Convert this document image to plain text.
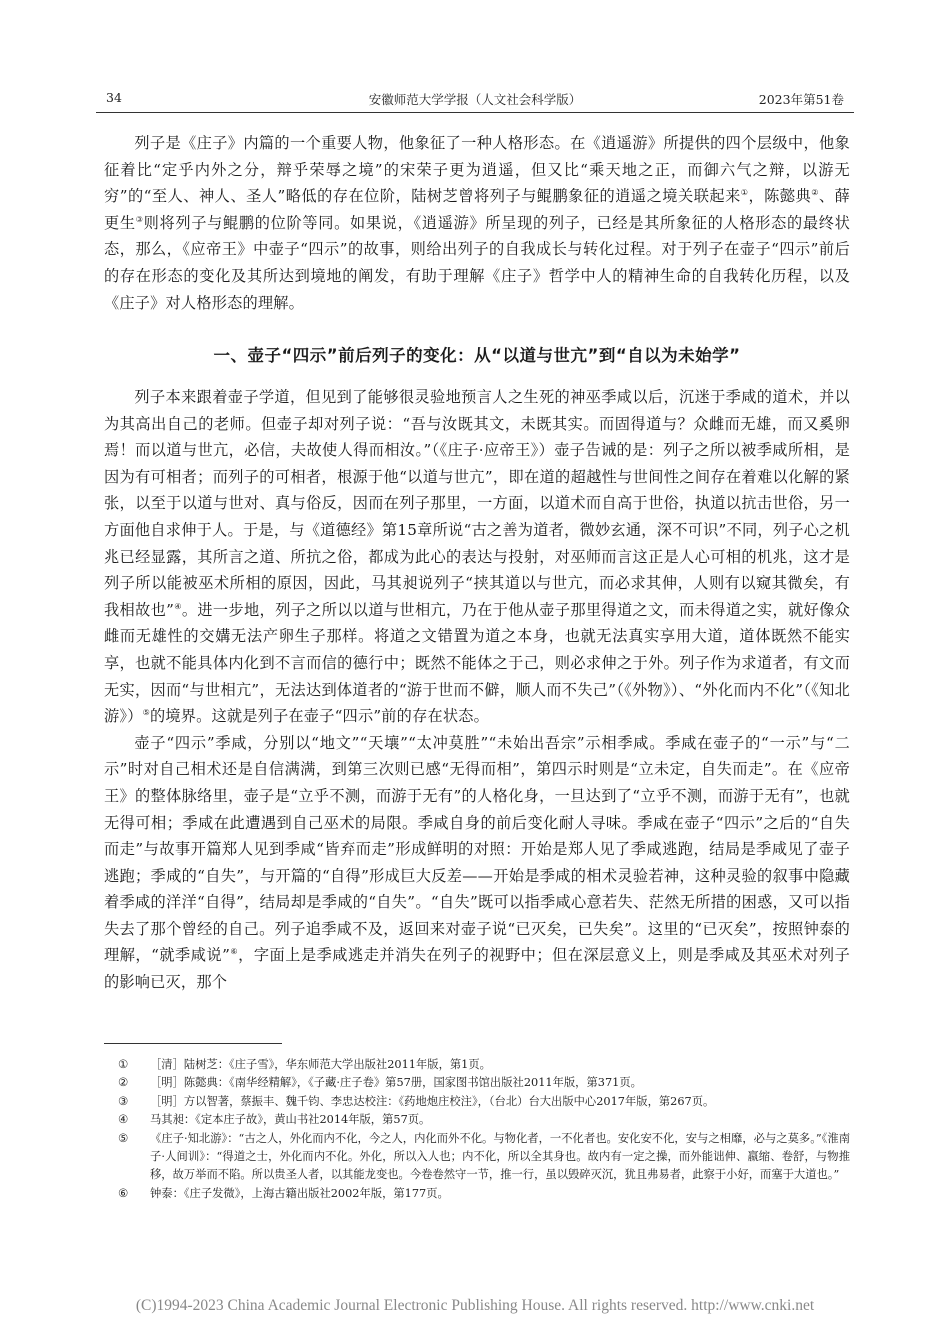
34	安徽师范大学学报（人文社会科学版）	2023年第51卷

列子是《庄子》内篇的一个重要人物，他象征了一种人格形态。在《逍遥游》所提供的四个层级中，他象征着比“定乎内外之分，辩乎荣辱之境”的宋荣子更为逍遥，但又比“乘天地之正，而御六气之辩，以游无穷”的“至人、神人、圣人”略低的存在位阶，陆树芝曾将列子与鲲鹏象征的逍遥之境关联起来①，陈懿典②、薛更生③则将列子与鲲鹏的位阶等同。如果说，《逍遥游》所呈现的列子，已经是其所象征的人格形态的最终状态，那么，《应帝王》中壶子“四示”的故事，则给出列子的自我成长与转化过程。对于列子在壶子“四示”前后的存在形态的变化及其所达到境地的阐发，有助于理解《庄子》哲学中人的精神生命的自我转化历程，以及《庄子》对人格形态的理解。

一、壶子“四示”前后列子的变化：从“以道与世亢”到“自以为未始学”

列子本来跟着壶子学道，但见到了能够很灵验地预言人之生死的神巫季咸以后，沉迷于季咸的道术，并以为其高出自己的老师。但壶子却对列子说：“吾与汝既其文，未既其实。而固得道与？众雌而无雄，而又奚卵焉！而以道与世亢，必信，夫故使人得而相汝。”（《庄子·应帝王》）壶子告诫的是：列子之所以被季咸所相，是因为有可相者；而列子的可相者，根源于他“以道与世亢”，即在道的超越性与世间性之间存在着难以化解的紧张，以至于以道与世对、真与俗反，因而在列子那里，一方面，以道术而自高于世俗，执道以抗击世俗，另一方面他自求伸于人。于是，与《道德经》第15章所说“古之善为道者，微妙玄通，深不可识”不同，列子心之机兆已经显露，其所言之道、所抗之俗，都成为此心的表达与投射，对巫师而言这正是人心可相的机兆，这才是列子所以能被巫术所相的原因，因此，马其昶说列子“挟其道以与世亢，而必求其伸，人则有以窥其微矣，有我相故也”④。进一步地，列子之所以以道与世相亢，乃在于他从壶子那里得道之文，而未得道之实，就好像众雌而无雄性的交媾无法产卵生子那样。将道之文错置为道之本身，也就无法真实享用大道，道体既然不能实享，也就不能具体内化到不言而信的德行中；既然不能体之于己，则必求伸之于外。列子作为求道者，有文而无实，因而“与世相亢”，无法达到体道者的“游于世而不僻，顺人而不失己”（《外物》）、“外化而内不化”（《知北游》）⑤的境界。这就是列子在壶子“四示”前的存在状态。

壶子“四示”季咸，分别以“地文”“天壤”“太冲莫胜”“未始出吾宗”示相季咸。季咸在壶子的“一示”与“二示”时对自己相术还是自信满满，到第三次则已感“无得而相”，第四示时则是“立未定，自失而走”。在《应帝王》的整体脉络里，壶子是“立乎不测，而游于无有”的人格化身，一旦达到了“立乎不测，而游于无有”，也就无得可相；季咸在此遭遇到自己巫术的局限。季咸自身的前后变化耐人寻味。季咸在壶子“四示”之后的“自失而走”与故事开篇郑人见到季咸“皆弃而走”形成鲜明的对照：开始是郑人见了季咸逃跑，结局是季咸见了壶子逃跑；季咸的“自失”，与开篇的“自得”形成巨大反差——开始是季咸的相术灵验若神，这种灵验的叙事中隐藏着季咸的洋洋“自得”，结局却是季咸的“自失”。“自失”既可以指季咸心意若失、茫然无所措的困惑，又可以指失去了那个曾经的自己。列子追季咸不及，返回来对壶子说“已灭矣，已失矣”。这里的“已灭矣”，按照钟泰的理解，“就季咸说”⑥，字面上是季咸逃走并消失在列子的视野中；但在深层意义上，则是季咸及其巫术对列子的影响已灭，那个

① ［清］陆树芝：《庄子雪》，华东师范大学出版社2011年版，第1页。

② ［明］陈懿典：《南华经精解》，《子藏·庄子卷》第57册，国家图书馆出版社2011年版，第371页。

③ ［明］方以智著，蔡振丰、魏千钧、李忠达校注：《药地炮庄校注》，（台北）台大出版中心2017年版，第267页。

④ 马其昶：《定本庄子故》，黄山书社2014年版，第57页。

⑤ 《庄子·知北游》：“古之人，外化而内不化，今之人，内化而外不化。与物化者，一不化者也。安化安不化，安与之相靡，必与之莫多。”《淮南子·人间训》：“得道之士，外化而内不化。外化，所以入人也；内不化，所以全其身也。故内有一定之操，而外能诎伸、嬴缩、卷舒，与物推移，故万举而不陷。所以贵圣人者，以其能龙变也。今卷卷然守一节，推一行，虽以毁碎灭沉，犹且弗易者，此察于小好，而塞于大道也。”

⑥ 钟泰：《庄子发微》，上海古籍出版社2002年版，第177页。

(C)1994-2023 China Academic Journal Electronic Publishing House. All rights reserved. http://www.cnki.net
